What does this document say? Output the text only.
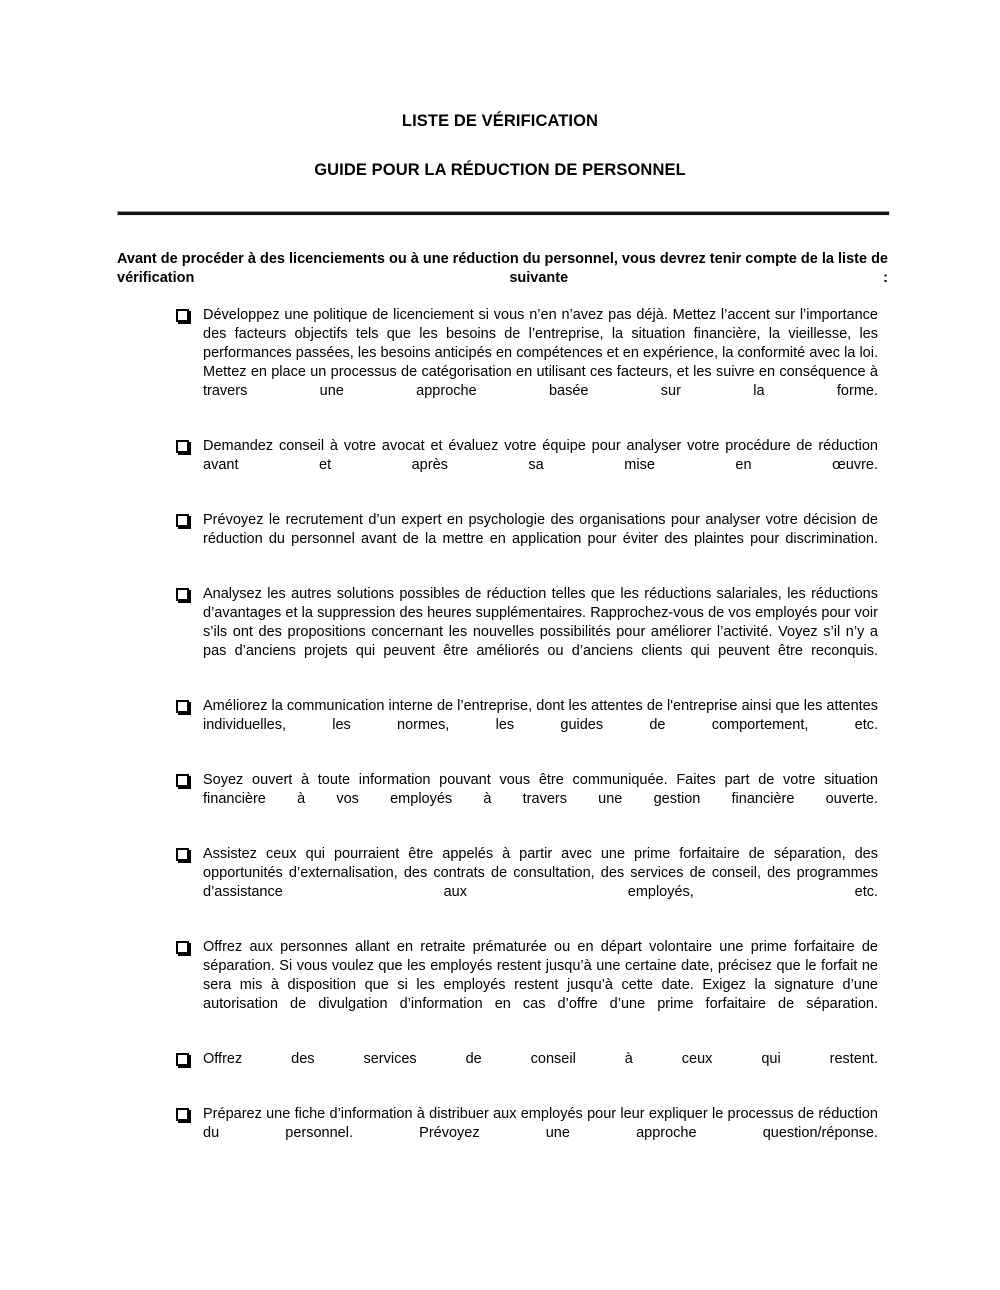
LISTE DE VÉRIFICATION
GUIDE POUR LA RÉDUCTION DE PERSONNEL

Avant de procéder à des licenciements ou à une réduction du personnel, vous devrez tenir compte de la liste de vérification suivante :

Développez une politique de licenciement si vous n’en n’avez pas déjà. Mettez l’accent sur l’importance des facteurs objectifs tels que les besoins de l’entreprise, la situation financière, la vieillesse, les performances passées, les besoins anticipés en compétences et en expérience, la conformité avec la loi. Mettez en place un processus de catégorisation en utilisant ces facteurs, et les suivre en conséquence à travers une approche basée sur la forme.
Demandez conseil à votre avocat et évaluez votre équipe pour analyser votre procédure de réduction avant et après sa mise en œuvre.
Prévoyez le recrutement d’un expert en psychologie des organisations pour analyser votre décision de réduction du personnel avant de la mettre en application pour éviter des plaintes pour discrimination.
Analysez les autres solutions possibles de réduction telles que les réductions salariales, les réductions d’avantages et la suppression des heures supplémentaires. Rapprochez-vous de vos employés pour voir s’ils ont des propositions concernant les nouvelles possibilités pour améliorer l’activité. Voyez s’il n’y a pas d’anciens projets qui peuvent être améliorés ou d’anciens clients qui peuvent être reconquis.
Améliorez la communication interne de l’entreprise, dont les attentes de l'entreprise ainsi que les attentes individuelles, les normes, les guides de comportement, etc.
Soyez ouvert à toute information pouvant vous être communiquée. Faites part de votre situation financière à vos employés à travers une gestion financière ouverte.
Assistez ceux qui pourraient être appelés à partir avec une prime forfaitaire de séparation, des opportunités d’externalisation, des contrats de consultation, des services de conseil, des programmes d’assistance aux employés, etc.
Offrez aux personnes allant en retraite prématurée ou en départ volontaire une prime forfaitaire de séparation. Si vous voulez que les employés restent jusqu’à une certaine date, précisez que le forfait ne sera mis à disposition que si les employés restent jusqu’à cette date. Exigez la signature d’une autorisation de divulgation d’information en cas d’offre d’une prime forfaitaire de séparation.
Offrez des services de conseil à ceux qui restent.
Préparez une fiche d’information à distribuer aux employés pour leur expliquer le processus de réduction du personnel. Prévoyez une approche question/réponse.
